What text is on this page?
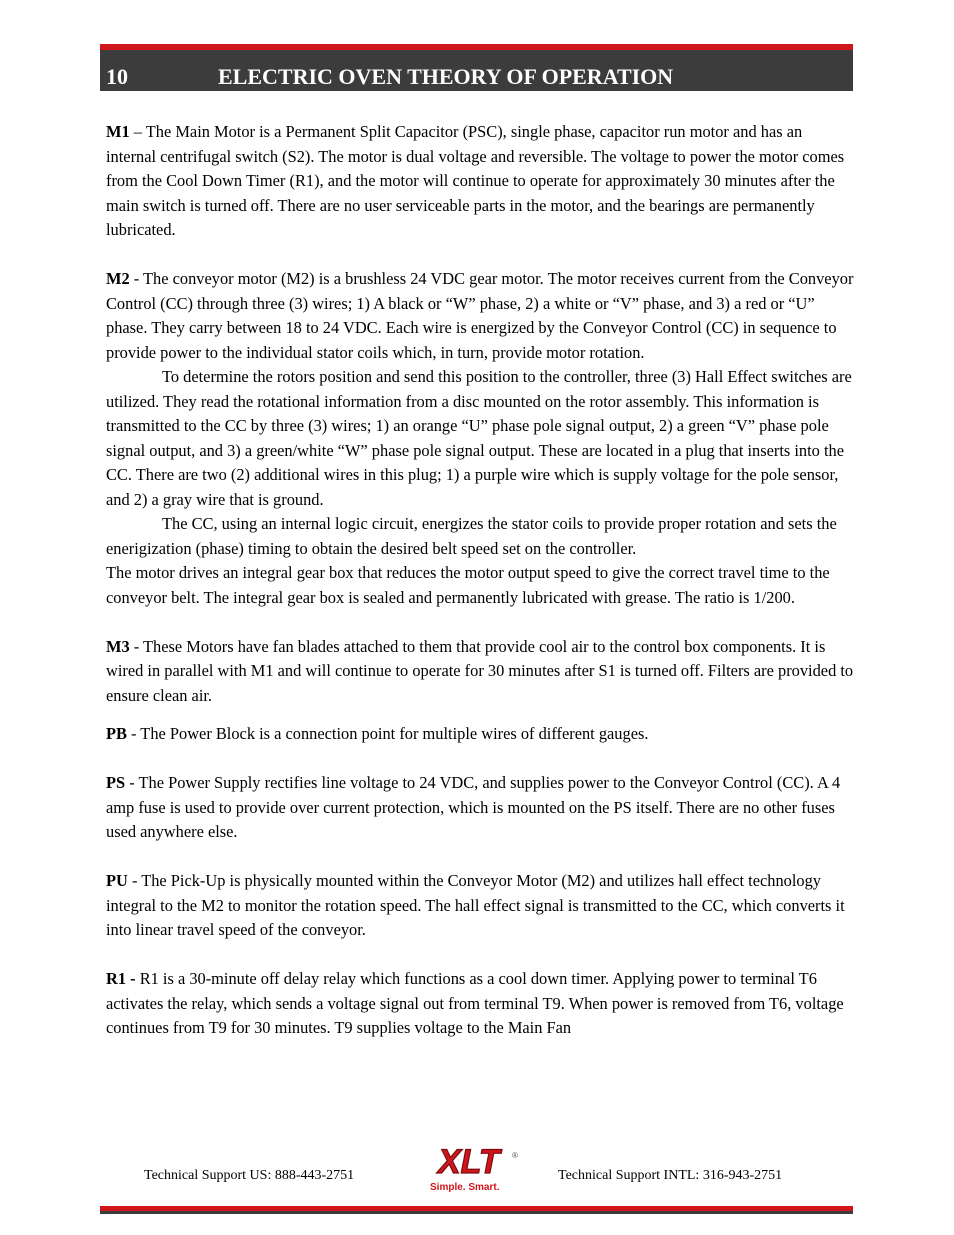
10	ELECTRIC OVEN THEORY OF OPERATION

M1 – The Main Motor is a Permanent Split Capacitor (PSC), single phase, capacitor run motor and has an internal centrifugal switch (S2). The motor is dual voltage and reversible. The voltage to power the motor comes from the Cool Down Timer (R1), and the motor will continue to operate for approximately 30 minutes after the main switch is turned off. There are no user serviceable parts in the motor, and the bearings are permanently lubricated.

M2 - The conveyor motor (M2) is a brushless 24 VDC gear motor. The motor receives current from the Conveyor Control (CC) through three (3) wires; 1) A black or “W” phase, 2) a white or “V” phase, and 3) a red or “U” phase. They carry between 18 to 24 VDC. Each wire is energized by the Conveyor Control (CC) in sequence to provide power to the individual stator coils which, in turn, provide motor rotation.

To determine the rotors position and send this position to the controller, three (3) Hall Effect switches are utilized. They read the rotational information from a disc mounted on the rotor assembly. This information is transmitted to the CC by three (3) wires; 1) an orange “U” phase pole signal output, 2) a green “V” phase pole signal output, and 3) a green/white “W” phase pole signal output. These are located in a plug that inserts into the CC. There are two (2) additional wires in this plug; 1) a purple wire which is supply voltage for the pole sensor, and 2) a gray wire that is ground.

The CC, using an internal logic circuit, energizes the stator coils to provide proper rotation and sets the enerigization (phase) timing to obtain the desired belt speed set on the controller.

The motor drives an integral gear box that reduces the motor output speed to give the correct travel time to the conveyor belt. The integral gear box is sealed and permanently lubricated with grease. The ratio is 1/200.

M3 - These Motors have fan blades attached to them that provide cool air to the control box components. It is wired in parallel with M1 and will continue to operate for 30 minutes after S1 is turned off. Filters are provided to ensure clean air.

PB - The Power Block is a connection point for multiple wires of different gauges.

PS - The Power Supply rectifies line voltage to 24 VDC, and supplies power to the Conveyor Control (CC). A 4 amp fuse is used to provide over current protection, which is mounted on the PS itself. There are no other fuses used anywhere else.

PU - The Pick-Up is physically mounted within the Conveyor Motor (M2) and utilizes hall effect technology integral to the M2 to monitor the rotation speed. The hall effect signal is transmitted to the CC, which converts it into linear travel speed of the conveyor.

R1 - R1 is a 30-minute off delay relay which functions as a cool down timer. Applying power to terminal T6 activates the relay, which sends a voltage signal out from terminal T9. When power is removed from T6, voltage continues from T9 for 30 minutes. T9 supplies voltage to the Main Fan

Technical Support US: 888-443-2751 XLT	®
Simple. Smart.
Technical Support INTL: 316-943-2751
